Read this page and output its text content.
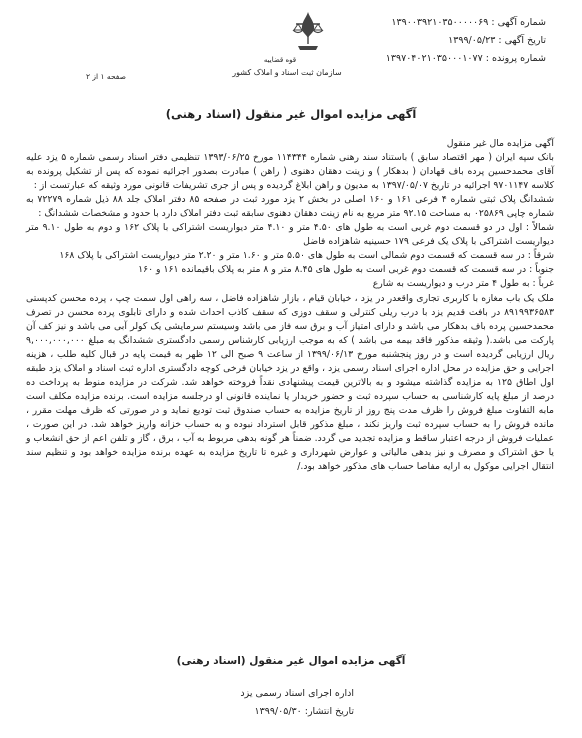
شماره آگهی : ۱۳۹۰۰۳۹۲۱۰۳۵۰۰۰۰۰۶۹
تاریخ آگهی : ۱۳۹۹/۰۵/۲۳
شماره پرونده : ۱۳۹۷۰۴۰۲۱۰۳۵۰۰۰۱۰۷۷
قوه قضاییه
سازمان ثبت اسناد و املاک کشور
صفحه ۱ از ۲
آگهی مزایده اموال غیر منقول (اسناد رهنی)

آگهی مزایده مال غیر منقول

بانک سپه ایران ( مهر اقتصاد سابق ) باستناد سند رهنی شماره ۱۱۴۳۴۴ مورخ ۱۳۹۳/۰۶/۲۵ تنظیمی دفتر اسناد رسمی شماره ۵ یزد علیه آقای محمدحسین پرده باف قهادان ( بدهکار ) و زینت دهقان دهنوی ( راهن ) مبادرت بصدور اجرائیه نموده که پس از تشکیل پرونده به کلاسه ۹۷۰۱۱۴۷ اجرائیه در تاریخ ۱۳۹۷/۰۵/۰۷ به مدیون و راهن ابلاغ گردیده و پس از جری تشریفات قانونی مورد وثیقه که عبارتست از :

ششدانگ پلاک ثبتی شماره ۴ فرعی ۱۶۱ و ۱۶۰ اصلی در بخش ۲ یزد مورد ثبت در صفحه ۸۵ دفتر املاک جلد ۸۸ ذیل شماره ۷۲۲۷۹ به شماره چاپی ۰۲۵۸۶۹ به مساحت ۹۲.۱۵ متر مربع به نام زینت دهقان دهنوی سابقه ثبت دفتر املاک دارد با حدود و مشخصات ششدانگ :

شمالاً : اول در دو قسمت دوم غربی است به طول های ۴.۵۰ متر و ۴.۱۰ متر دیواریست اشتراکی با پلاک ۱۶۲ و دوم به طول ۹.۱۰ متر دیواریست اشتراکی با پلاک یک فرعی ۱۷۹ حسینیه شاهزاده فاضل

شرقاً : در سه قسمت که قسمت دوم شمالی است به طول های ۵.۵۰ متر و ۱.۶۰ متر و ۲.۲۰ متر دیواریست اشتراکی با پلاک ۱۶۸

جنوباً : در سه قسمت که قسمت دوم غربی است به طول های ۸.۴۵ متر و ۸ متر به پلاک باقیمانده ۱۶۱ و ۱۶۰

غرباً : به طول ۴ متر درب و دیواریست به شارع

ملک یک باب مغازه با کاربری تجاری واقعدر در یزد ، خیابان قیام ، بازار شاهزاده فاضل ، سه راهی اول سمت چپ ، پرده محسن کدپستی ۸۹۱۹۹۳۶۵۸۳ در بافت قدیم یزد با درب ریلی کنترلی و سقف دوزی که سقف کاذب احداث شده و دارای تابلوی پرده محسن در تصرف محمدحسین پرده باف بدهکار می باشد و دارای امتیاز آب و برق سه فاز می باشد وسیستم سرمایشی یک کولر آبی می باشد و نیز کف آن پارکت می باشد.( وثیقه مذکور فاقد بیمه می باشد ) که به موجب ارزیابی کارشناس رسمی دادگستری ششدانگ به مبلغ ۹,۰۰۰,۰۰۰,۰۰۰ ریال ارزیابی گردیده است و در روز پنجشنبه مورخ ۱۳۹۹/۰۶/۱۳ از ساعت ۹ صبح الی ۱۲ ظهر به قیمت پایه در قبال کلیه طلب ، هزینه اجرایی و حق مزایده در محل اداره اجرای اسناد رسمی یزد ، واقع در یزد خیابان فرخی کوچه دادگستری اداره ثبت اسناد و املاک یزد طبقه اول اطاق ۱۲۵ به مزایده گذاشته میشود و به بالاترین قیمت پیشنهادی نقداً فروخته خواهد شد. شرکت در مزایده منوط به پرداخت ده درصد از مبلغ پایه کارشناسی به حساب سپرده ثبت و حضور خریدار یا نماینده قانونی او درجلسه مزایده است. برنده مزایده مکلف است مابه التفاوت مبلغ فروش را ظرف مدت پنج روز از تاریخ مزایده به حساب صندوق ثبت تودیع نماید و در صورتی که ظرف مهلت مقرر ، مانده فروش را به حساب سپرده ثبت واریز نکند ، مبلغ مذکور قابل استرداد نبوده و به حساب خزانه واریز خواهد شد. در این صورت ، عملیات فروش از درجه اعتبار ساقط و مزایده تجدید می گردد. ضمناً هر گونه بدهی مربوط به آب ، برق ، گاز و تلفن اعم از حق انشعاب و یا حق اشتراک و مصرف و نیز بدهی مالیاتی و عوارض شهرداری و غیره تا تاریخ مزایده به عهده برنده مزایده خواهد بود و تنظیم سند انتقال اجرایی موکول به ارایه مفاصا حساب های مذکور خواهد بود./

آگهی مزایده اموال غیر منقول (اسناد رهنی)
اداره اجرای اسناد رسمی یزد
تاریخ انتشار: ۱۳۹۹/۰۵/۳۰
